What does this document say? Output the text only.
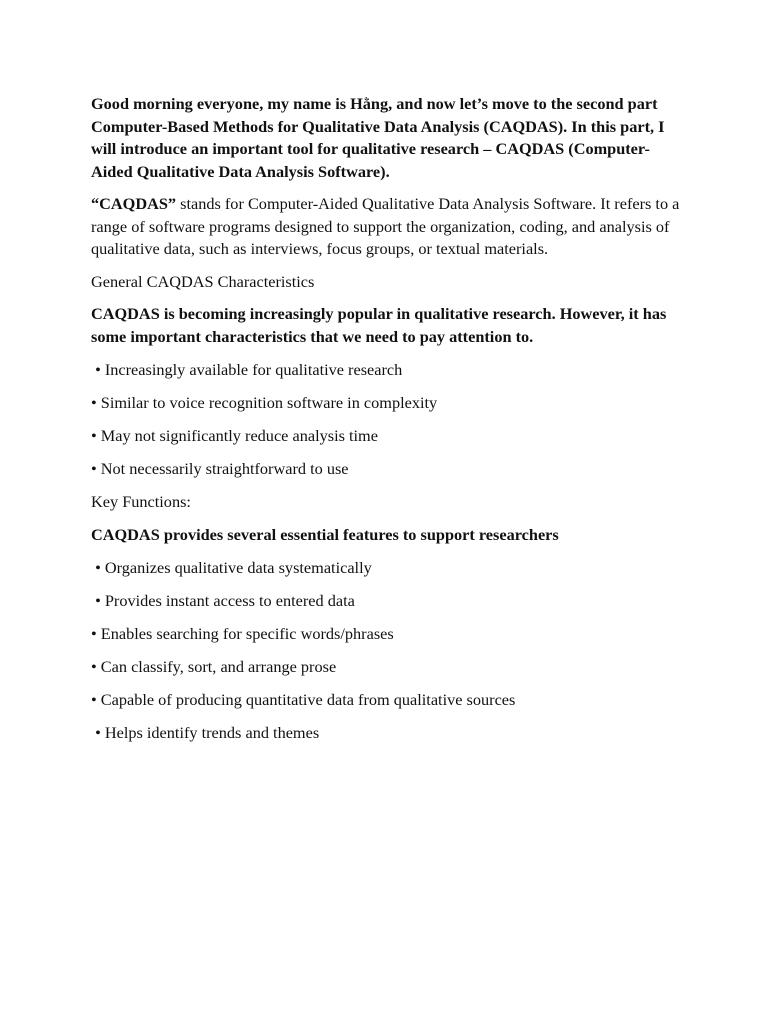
Good morning everyone, my name is Hằng, and now let’s move to the second part Computer-Based Methods for Qualitative Data Analysis (CAQDAS). In this part, I will introduce an important tool for qualitative research – CAQDAS (Computer-Aided Qualitative Data Analysis Software).

“CAQDAS” stands for Computer-Aided Qualitative Data Analysis Software. It refers to a range of software programs designed to support the organization, coding, and analysis of qualitative data, such as interviews, focus groups, or textual materials.

General CAQDAS Characteristics

CAQDAS is becoming increasingly popular in qualitative research. However, it has some important characteristics that we need to pay attention to.

• Increasingly available for qualitative research

• Similar to voice recognition software in complexity

• May not significantly reduce analysis time

• Not necessarily straightforward to use

Key Functions:

CAQDAS provides several essential features to support researchers

• Organizes qualitative data systematically

• Provides instant access to entered data

• Enables searching for specific words/phrases

• Can classify, sort, and arrange prose

• Capable of producing quantitative data from qualitative sources

• Helps identify trends and themes
